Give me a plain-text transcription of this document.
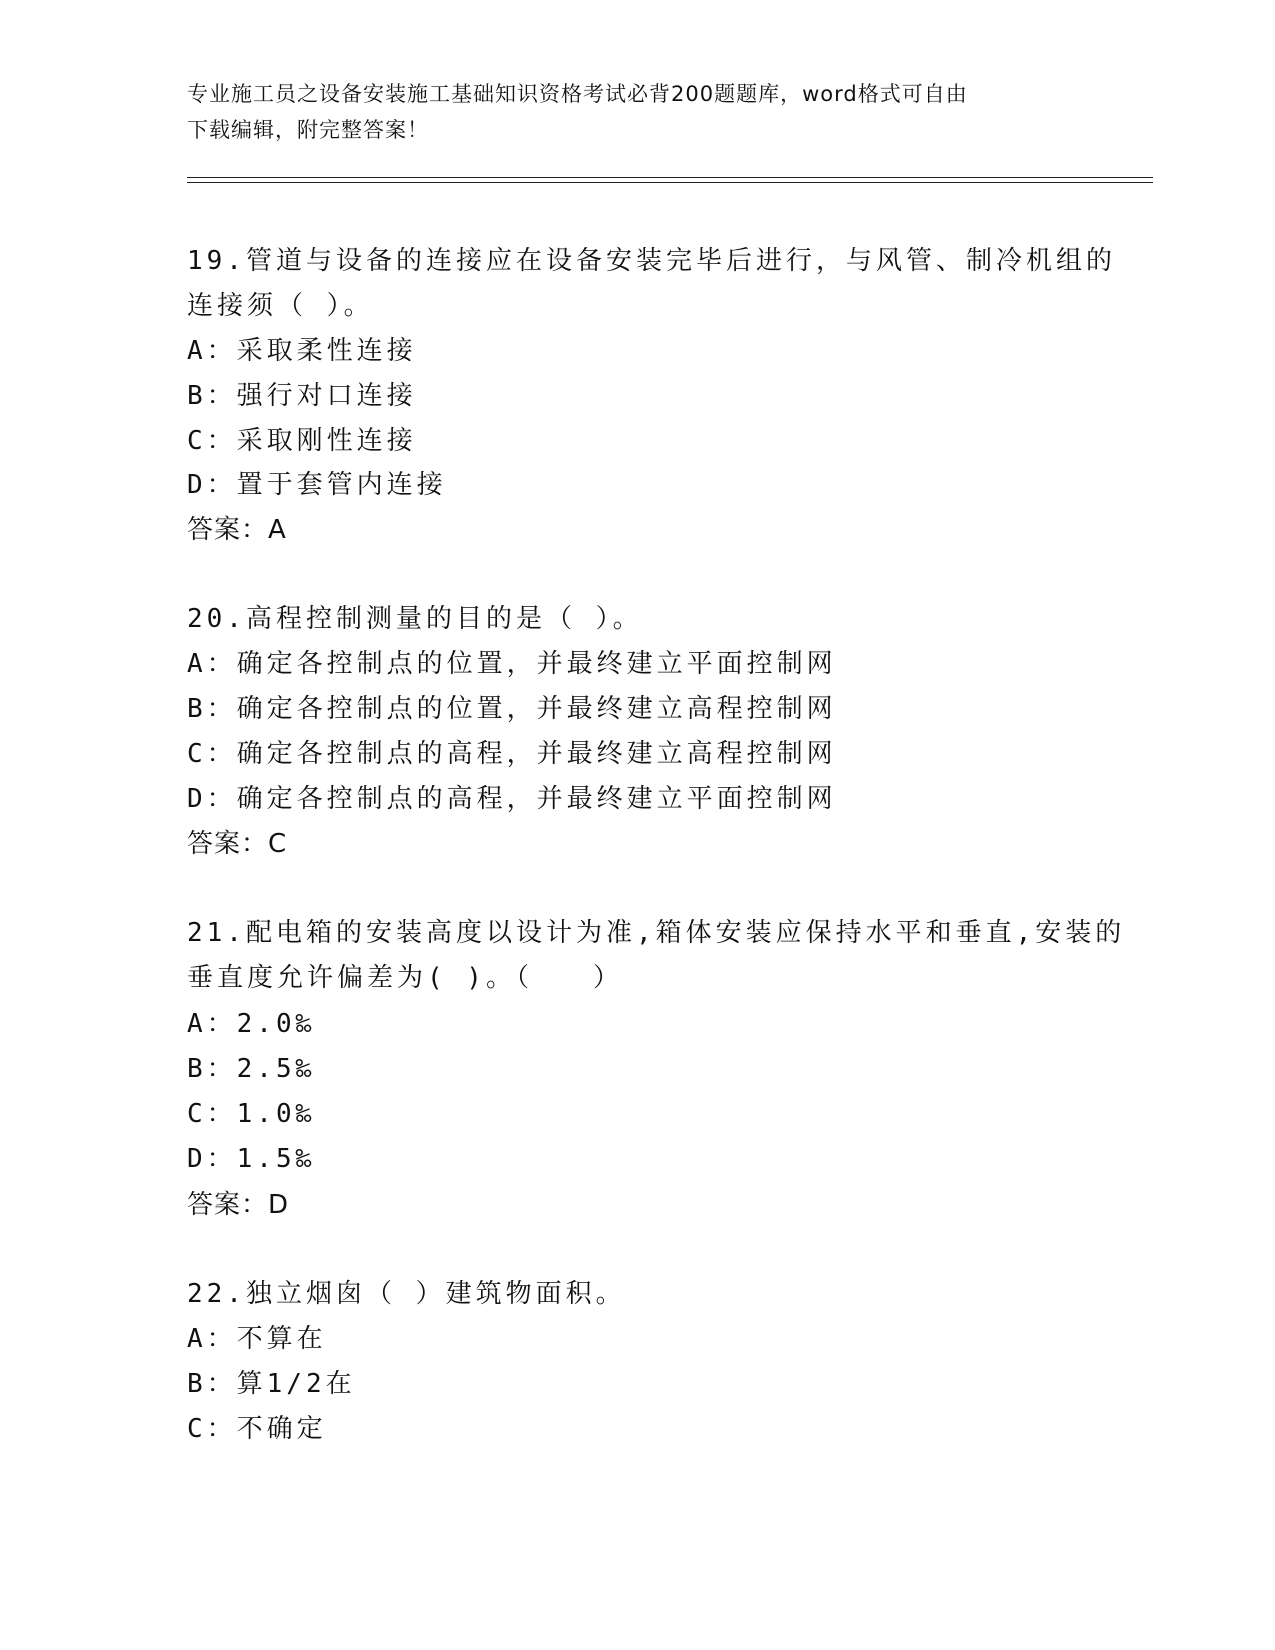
专业施工员之设备安装施工基础知识资格考试必背200题题库，word格式可自由
下载编辑，附完整答案！
19.管道与设备的连接应在设备安装完毕后进行，与风管、制冷机组的
连接须（ ）。
A：采取柔性连接
B：强行对口连接
C：采取刚性连接
D：置于套管内连接
答案：A
20.高程控制测量的目的是（ ）。
A：确定各控制点的位置，并最终建立平面控制网
B：确定各控制点的位置，并最终建立高程控制网
C：确定各控制点的高程，并最终建立高程控制网
D：确定各控制点的高程，并最终建立平面控制网
答案：C
21.配电箱的安装高度以设计为准,箱体安装应保持水平和垂直,安装的
垂直度允许偏差为( )。（　　）
A：2.0‰
B：2.5‰
C：1.0‰
D：1.5‰
答案：D
22.独立烟囱（ ）建筑物面积。
A：不算在
B：算1/2在
C：不确定
